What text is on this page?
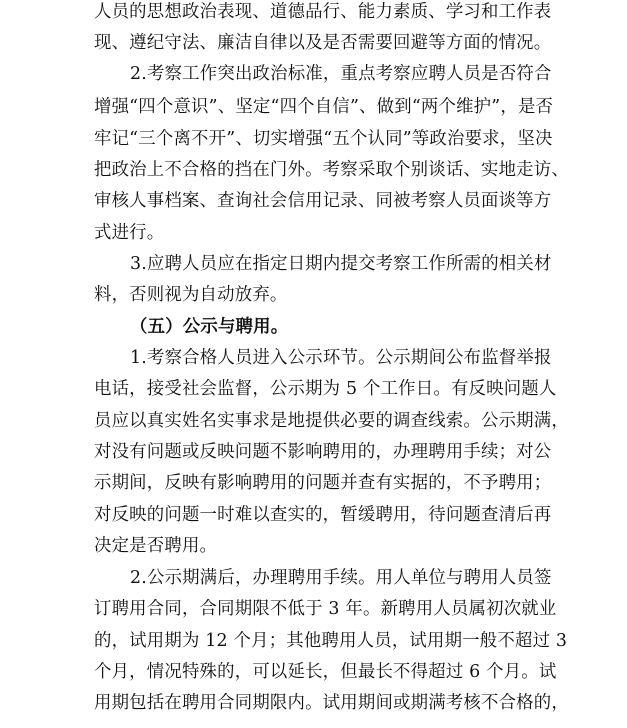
人员的思想政治表现、道德品行、能力素质、学习和工作表
现、遵纪守法、廉洁自律以及是否需要回避等方面的情况。
2.考察工作突出政治标准，重点考察应聘人员是否符合
增强“四个意识”、坚定“四个自信”、做到“两个维护”，是否
牢记“三个离不开”、切实增强“五个认同”等政治要求，坚决
把政治上不合格的挡在门外。考察采取个别谈话、实地走访、
审核人事档案、查询社会信用记录、同被考察人员面谈等方
式进行。
3.应聘人员应在指定日期内提交考察工作所需的相关材
料，否则视为自动放弃。
（五）公示与聘用。
1.考察合格人员进入公示环节。公示期间公布监督举报
电话，接受社会监督，公示期为 5 个工作日。有反映问题人
员应以真实姓名实事求是地提供必要的调查线索。公示期满，
对没有问题或反映问题不影响聘用的，办理聘用手续；对公
示期间，反映有影响聘用的问题并查有实据的，不予聘用；
对反映的问题一时难以查实的，暂缓聘用，待问题查清后再
决定是否聘用。
2.公示期满后，办理聘用手续。用人单位与聘用人员签
订聘用合同，合同期限不低于 3 年。新聘用人员属初次就业
的，试用期为 12 个月；其他聘用人员，试用期一般不超过 3
个月，情况特殊的，可以延长，但最长不得超过 6 个月。试
用期包括在聘用合同期限内。试用期间或期满考核不合格的，
